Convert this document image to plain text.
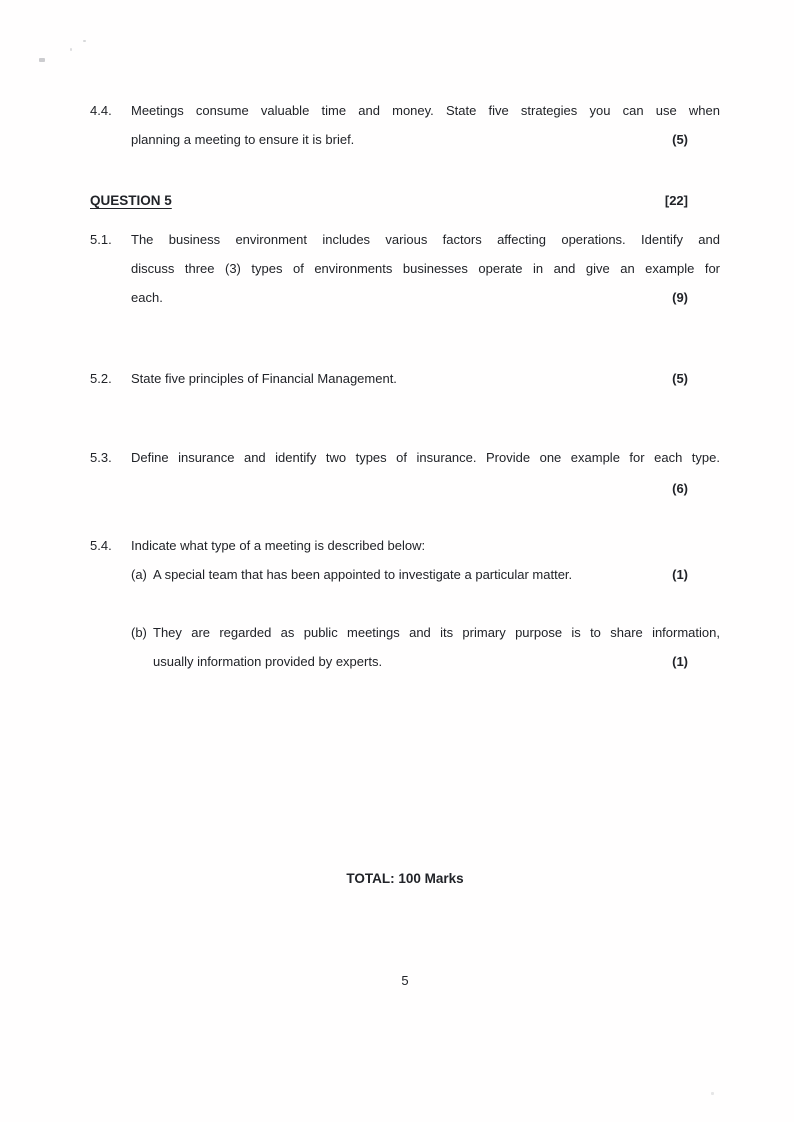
4.4.	Meetings consume valuable time and money. State five strategies you can use when
planning a meeting to ensure it is brief.	(5)
QUESTION 5	[22]
5.1.	The business environment includes various factors affecting operations. Identify and
discuss three (3) types of environments businesses operate in and give an example for
each.	(9)
5.2.	State five principles of Financial Management.	(5)
5.3.	Define insurance and identify two types of insurance. Provide one example for each type.
(6)
5.4.	Indicate what type of a meeting is described below:
(a) A special team that has been appointed to investigate a particular matter.	(1)
(b) They are regarded as public meetings and its primary purpose is to share information,
usually information provided by experts.	(1)
TOTAL: 100 Marks
5
